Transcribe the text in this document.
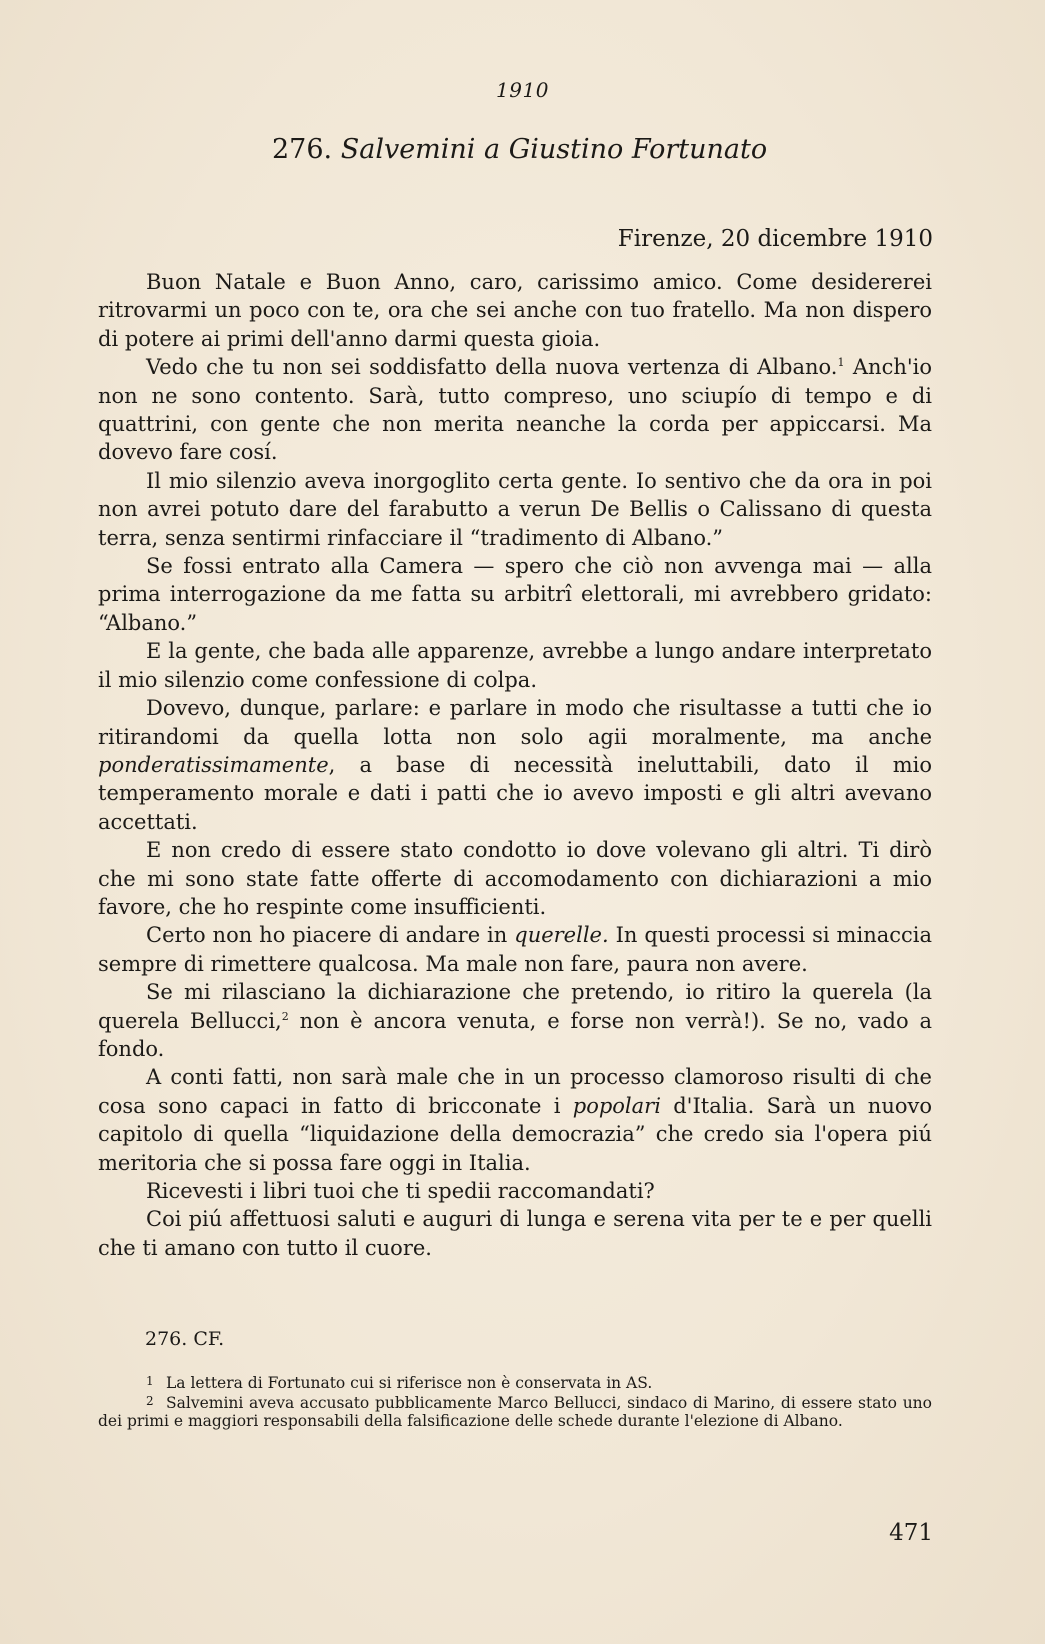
1910
276. Salvemini a Giustino Fortunato
Firenze, 20 dicembre 1910

Buon Natale e Buon Anno, caro, carissimo amico. Come desidererei ritrovarmi un poco con te, ora che sei anche con tuo fratello. Ma non dispero di potere ai primi dell'anno darmi questa gioia.

Vedo che tu non sei soddisfatto della nuova vertenza di Albano.$^1$ Anch'io non ne sono contento. Sarà, tutto compreso, uno sciupío di tempo e di quattrini, con gente che non merita neanche la corda per appiccarsi. Ma dovevo fare cosí.

Il mio silenzio aveva inorgoglito certa gente. Io sentivo che da ora in poi non avrei potuto dare del farabutto a verun De Bellis o Calissano di questa terra, senza sentirmi rinfacciare il “tradimento di Albano.”

Se fossi entrato alla Camera — spero che ciò non avvenga mai — alla prima interrogazione da me fatta su arbitrî elettorali, mi avrebbero gridato: “Albano.”

E la gente, che bada alle apparenze, avrebbe a lungo andare interpretato il mio silenzio come confessione di colpa.

Dovevo, dunque, parlare: e parlare in modo che risultasse a tutti che io ritirandomi da quella lotta non solo agii moralmente, ma anche ponderatissimamente, a base di necessità ineluttabili, dato il mio temperamento morale e dati i patti che io avevo imposti e gli altri avevano accettati.

E non credo di essere stato condotto io dove volevano gli altri. Ti dirò che mi sono state fatte offerte di accomodamento con dichiarazioni a mio favore, che ho respinte come insufficienti.

Certo non ho piacere di andare in querelle. In questi processi si minaccia sempre di rimettere qualcosa. Ma male non fare, paura non avere.

Se mi rilasciano la dichiarazione che pretendo, io ritiro la querela (la querela Bellucci,$^2$ non è ancora venuta, e forse non verrà!). Se no, vado a fondo.

A conti fatti, non sarà male che in un processo clamoroso risulti di che cosa sono capaci in fatto di bricconate i popolari d'Italia. Sarà un nuovo capitolo di quella “liquidazione della democrazia” che credo sia l'opera piú meritoria che si possa fare oggi in Italia.

Ricevesti i libri tuoi che ti spedii raccomandati?

Coi piú affettuosi saluti e auguri di lunga e serena vita per te e per quelli che ti amano con tutto il cuore.

276. CF.

1 La lettera di Fortunato cui si riferisce non è conservata in AS.

2 Salvemini aveva accusato pubblicamente Marco Bellucci, sindaco di Marino, di essere stato uno dei primi e maggiori responsabili della falsificazione delle schede durante l'elezione di Albano.

471
